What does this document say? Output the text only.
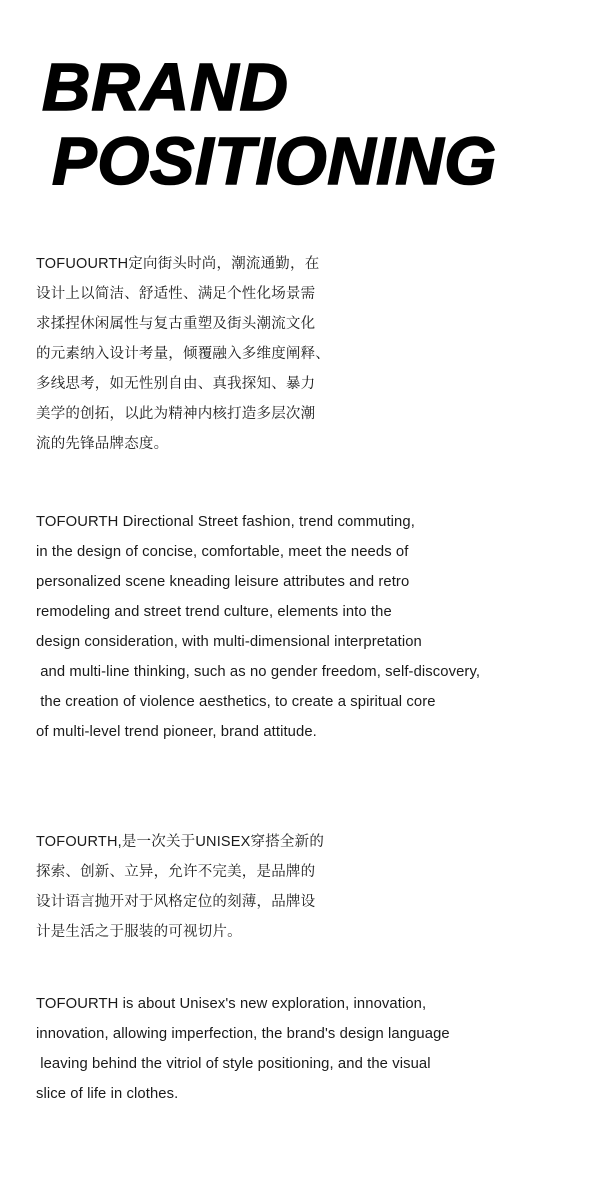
BRAND
POSITIONING
TOFUOURTH定向街头时尚，潮流通勤，在
设计上以简洁、舒适性、满足个性化场景需
求揉捏休闲属性与复古重塑及街头潮流文化
的元素纳入设计考量，倾覆融入多维度阐释、
多线思考，如无性别自由、真我探知、暴力
美学的创拓，以此为精神内核打造多层次潮
流的先锋品牌态度。
TOFOURTH Directional Street fashion, trend commuting,
in the design of concise, comfortable, meet the needs of
personalized scene kneading leisure attributes and retro
remodeling and street trend culture, elements into the
design consideration, with multi-dimensional interpretation
and multi-line thinking, such as no gender freedom, self-discovery,
the creation of violence aesthetics, to create a spiritual core
of multi-level trend pioneer, brand attitude.
TOFOURTH,是一次关于UNISEX穿搭全新的
探索、创新、立异，允许不完美，是品牌的
设计语言抛开对于风格定位的刻薄，品牌设
计是生活之于服装的可视切片。
TOFOURTH is about Unisex's new exploration, innovation,
innovation, allowing imperfection, the brand's design language
leaving behind the vitriol of style positioning, and the visual
slice of life in clothes.
